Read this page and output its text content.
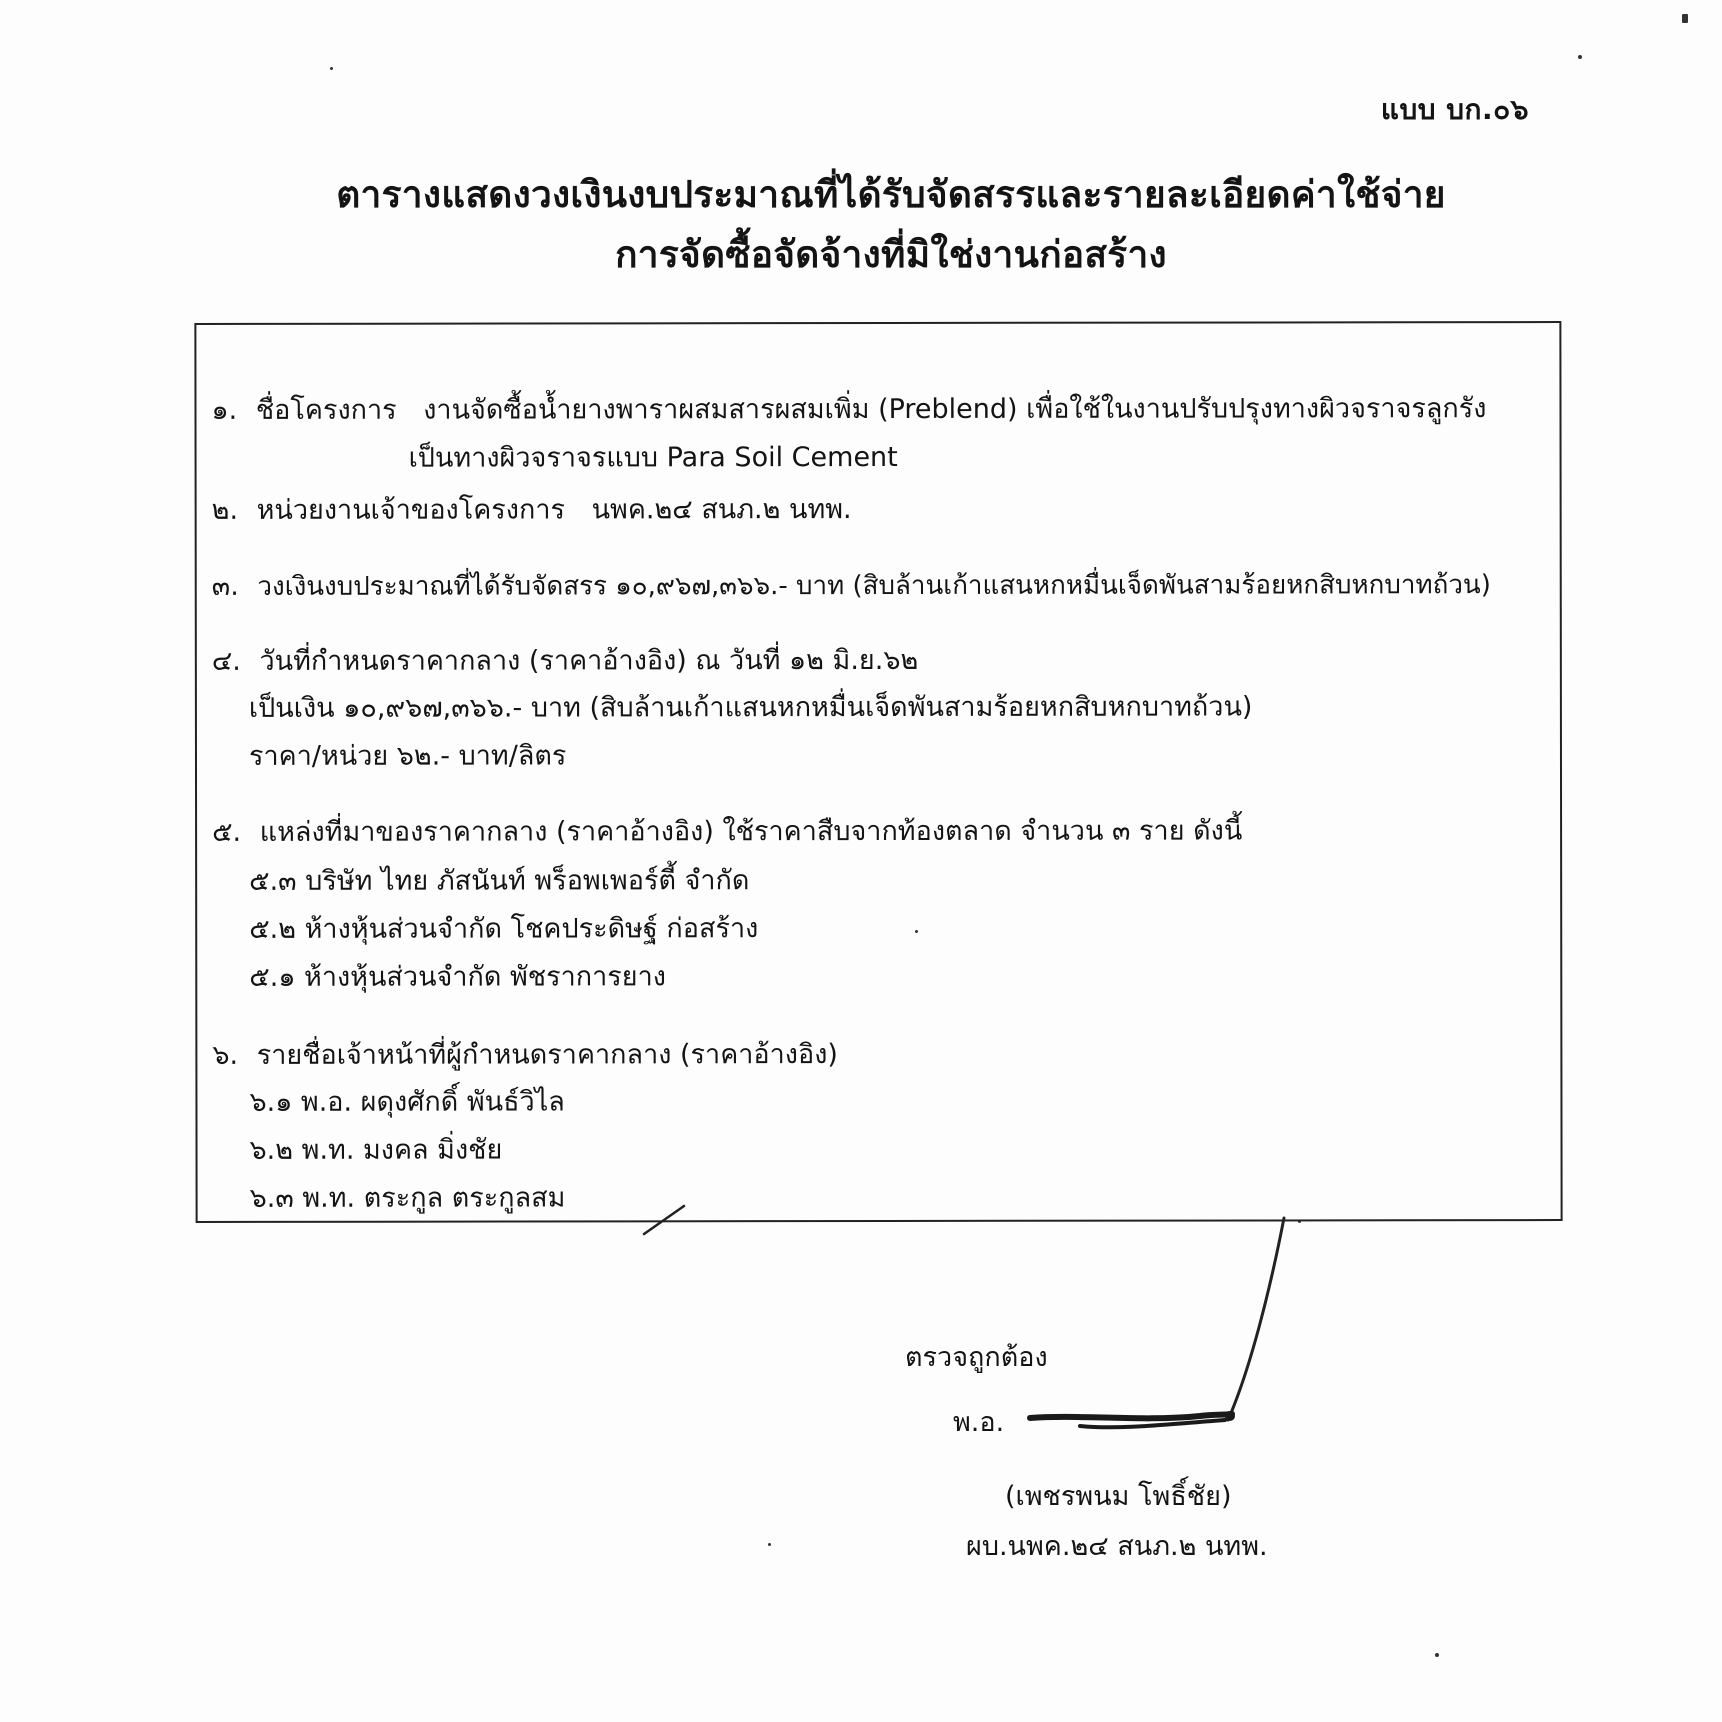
แบบ บก.๐๖
ตารางแสดงวงเงินงบประมาณที่ได้รับจัดสรรและรายละเอียดค่าใช้จ่าย
การจัดซื้อจัดจ้างที่มิใช่งานก่อสร้าง
๑. ชื่อโครงการ งานจัดซื้อน้ำยางพาราผสมสารผสมเพิ่ม (Preblend) เพื่อใช้ในงานปรับปรุงทางผิวจราจรลูกรัง
เป็นทางผิวจราจรแบบ Para Soil Cement
๒. หน่วยงานเจ้าของโครงการ นพค.๒๔ สนภ.๒ นทพ.
๓. วงเงินงบประมาณที่ได้รับจัดสรร ๑๐,๙๖๗,๓๖๖.- บาท (สิบล้านเก้าแสนหกหมื่นเจ็ดพันสามร้อยหกสิบหกบาทถ้วน)
๔. วันที่กำหนดราคากลาง (ราคาอ้างอิง) ณ วันที่ ๑๒ มิ.ย.๖๒
เป็นเงิน ๑๐,๙๖๗,๓๖๖.- บาท (สิบล้านเก้าแสนหกหมื่นเจ็ดพันสามร้อยหกสิบหกบาทถ้วน)
ราคา/หน่วย ๖๒.- บาท/ลิตร
๕. แหล่งที่มาของราคากลาง (ราคาอ้างอิง) ใช้ราคาสืบจากท้องตลาด จำนวน ๓ ราย ดังนี้
๕.๓ บริษัท ไทย ภัสนันท์ พร็อพเพอร์ตี้ จำกัด
๕.๒ ห้างหุ้นส่วนจำกัด โชคประดิษฐ์ ก่อสร้าง
๕.๑ ห้างหุ้นส่วนจำกัด พัชราการยาง
๖. รายชื่อเจ้าหน้าที่ผู้กำหนดราคากลาง (ราคาอ้างอิง)
๖.๑ พ.อ. ผดุงศักดิ์ พันธ์วิไล
๖.๒ พ.ท. มงคล มิ่งชัย
๖.๓ พ.ท. ตระกูล ตระกูลสม
ตรวจถูกต้อง
พ.อ.
(เพชรพนม โพธิ์ชัย)
ผบ.นพค.๒๔ สนภ.๒ นทพ.
